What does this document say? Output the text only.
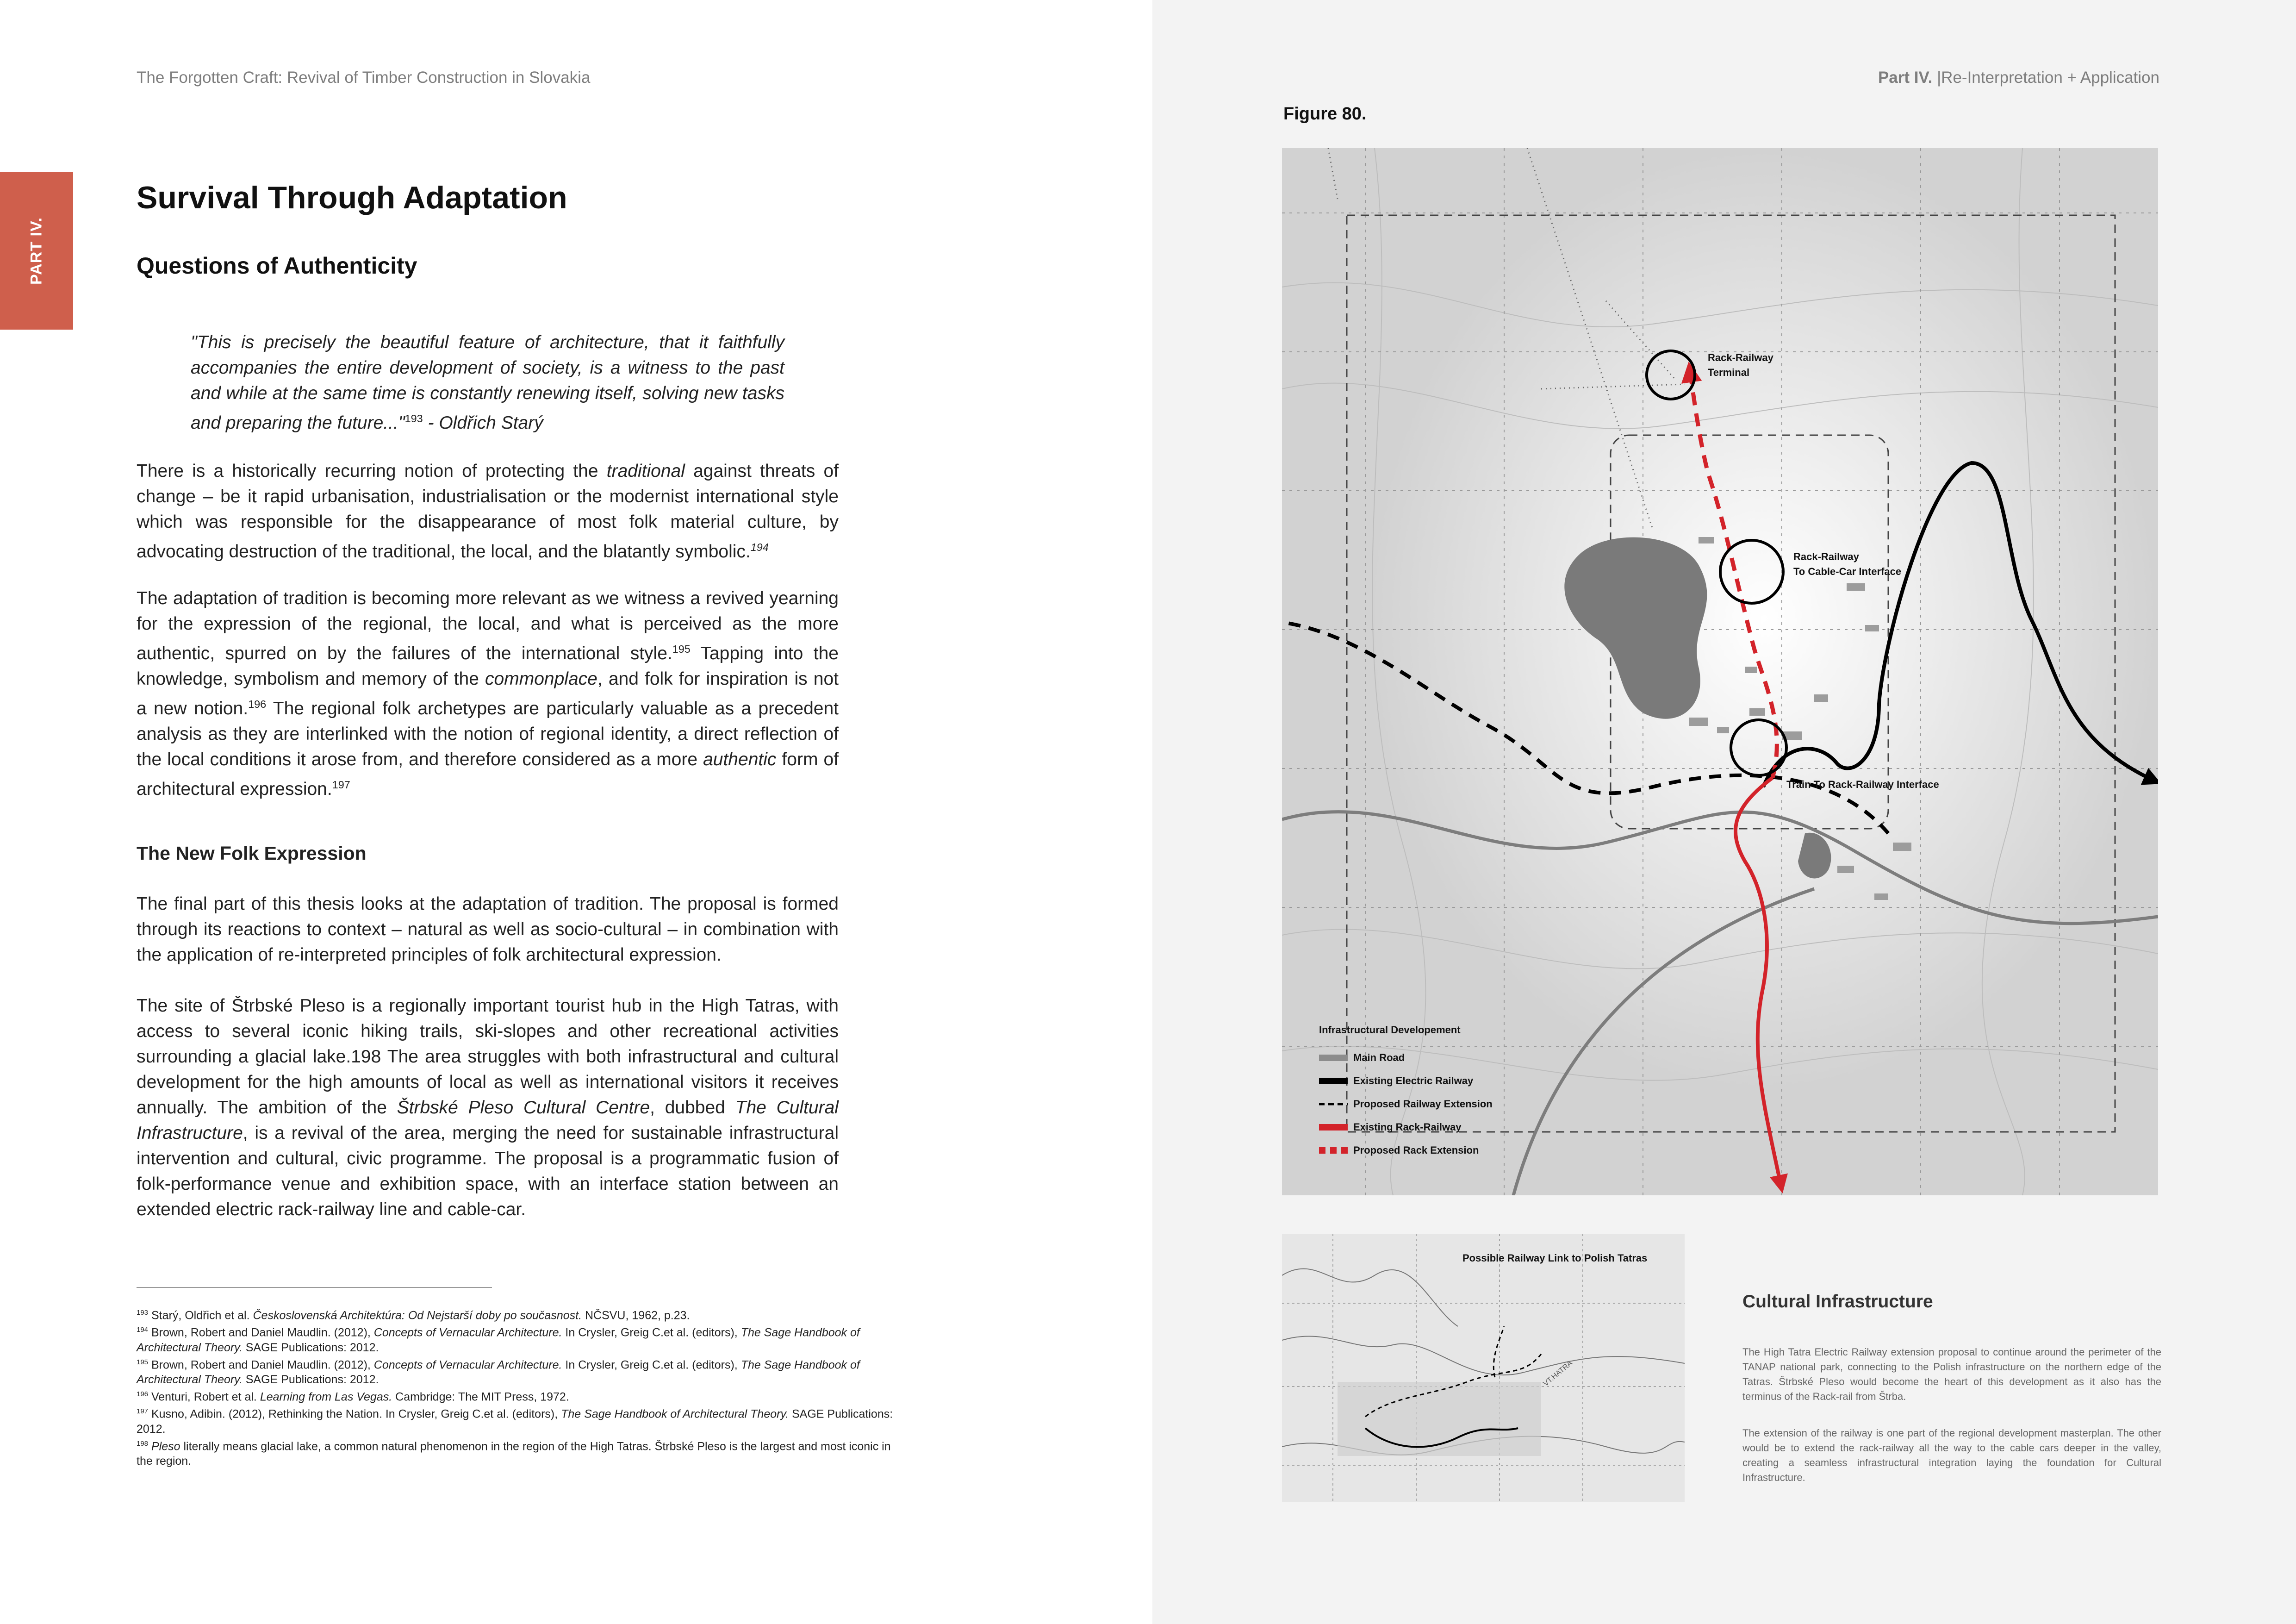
The Forgotten Craft: Revival of Timber Construction in Slovakia
PART IV.
Survival Through Adaptation
Questions of Authenticity

"This is precisely the beautiful feature of architecture, that it faithfully accompanies the entire development of society, is a witness to the past and while at the same time is constantly renewing itself, solving new tasks and preparing the future..."$^{193}$ - Oldřich Starý

There is a historically recurring notion of protecting the traditional against threats of change – be it rapid urbanisation, industrialisation or the modernist international style which was responsible for the disappearance of most folk material culture, by advocating destruction of the traditional, the local, and the blatantly symbolic.$^{194}$

The adaptation of tradition is becoming more relevant as we witness a revived yearning for the expression of the regional, the local, and what is perceived as the more authentic, spurred on by the failures of the international style.$^{195}$ Tapping into the knowledge, symbolism and memory of the commonplace, and folk for inspiration is not a new notion.$^{196}$ The regional folk archetypes are particularly valuable as a precedent analysis as they are interlinked with the notion of regional identity, a direct reflection of the local conditions it arose from, and therefore considered as a more authentic form of architectural expression.$^{197}$

The New Folk Expression

The final part of this thesis looks at the adaptation of tradition. The proposal is formed through its reactions to context – natural as well as socio-cultural – in combination with the application of re-interpreted principles of folk architectural expression.

The site of Štrbské Pleso is a regionally important tourist hub in the High Tatras, with access to several iconic hiking trails, ski-slopes and other recreational activities surrounding a glacial lake.198 The area struggles with both infrastructural and cultural development for the high amounts of local as well as international visitors it receives annually. The ambition of the Štrbské Pleso Cultural Centre, dubbed The Cultural Infrastructure, is a revival of the area, merging the need for sustainable infrastructural intervention and cultural, civic programme. The proposal is a programmatic fusion of folk-performance venue and exhibition space, with an interface station between an extended electric rack-railway line and cable-car.

$^{193}$ Starý, Oldřich et al. Československá Architektúra: Od Nejstarší doby po současnost. NČSVU, 1962, p.23.

$^{194}$ Brown, Robert and Daniel Maudlin. (2012), Concepts of Vernacular Architecture. In Crysler, Greig C.et al. (editors), The Sage Handbook of Architectural Theory. SAGE Publications: 2012.

$^{195}$ Brown, Robert and Daniel Maudlin. (2012), Concepts of Vernacular Architecture. In Crysler, Greig C.et al. (editors), The Sage Handbook of Architectural Theory. SAGE Publications: 2012.

$^{196}$ Venturi, Robert et al. Learning from Las Vegas. Cambridge: The MIT Press, 1972.

$^{197}$ Kusno, Adibin. (2012), Rethinking the Nation. In Crysler, Greig C.et al. (editors), The Sage Handbook of Architectural Theory. SAGE Publications: 2012.

$^{198}$ Pleso literally means glacial lake, a common natural phenomenon in the region of the High Tatras. Štrbské Pleso is the largest and most iconic in the region.

Part IV. |Re-Interpretation + Application
Figure 80.
Rack-Railway
Terminal
Rack-Railway
To Cable-Car Interface
Train To Rack-Railway Interface
Infrastructural Developement
Main Road
Existing Electric Railway
Proposed Railway Extension
Existing Rack-Railway
Proposed Rack Extension
VT.HATRA
Possible Railway Link to Polish Tatras
Cultural Infrastructure

The High Tatra Electric Railway extension proposal to continue around the perimeter of the TANAP national park, connecting to the Polish infrastructure on the northern edge of the Tatras. Štrbské Pleso would become the heart of this development as it also has the terminus of the Rack-rail from Štrba.

The extension of the railway is one part of the regional development masterplan. The other would be to extend the rack-railway all the way to the cable cars deeper in the valley, creating a seamless infrastructural integration laying the foundation for Cultural Infrastructure.
